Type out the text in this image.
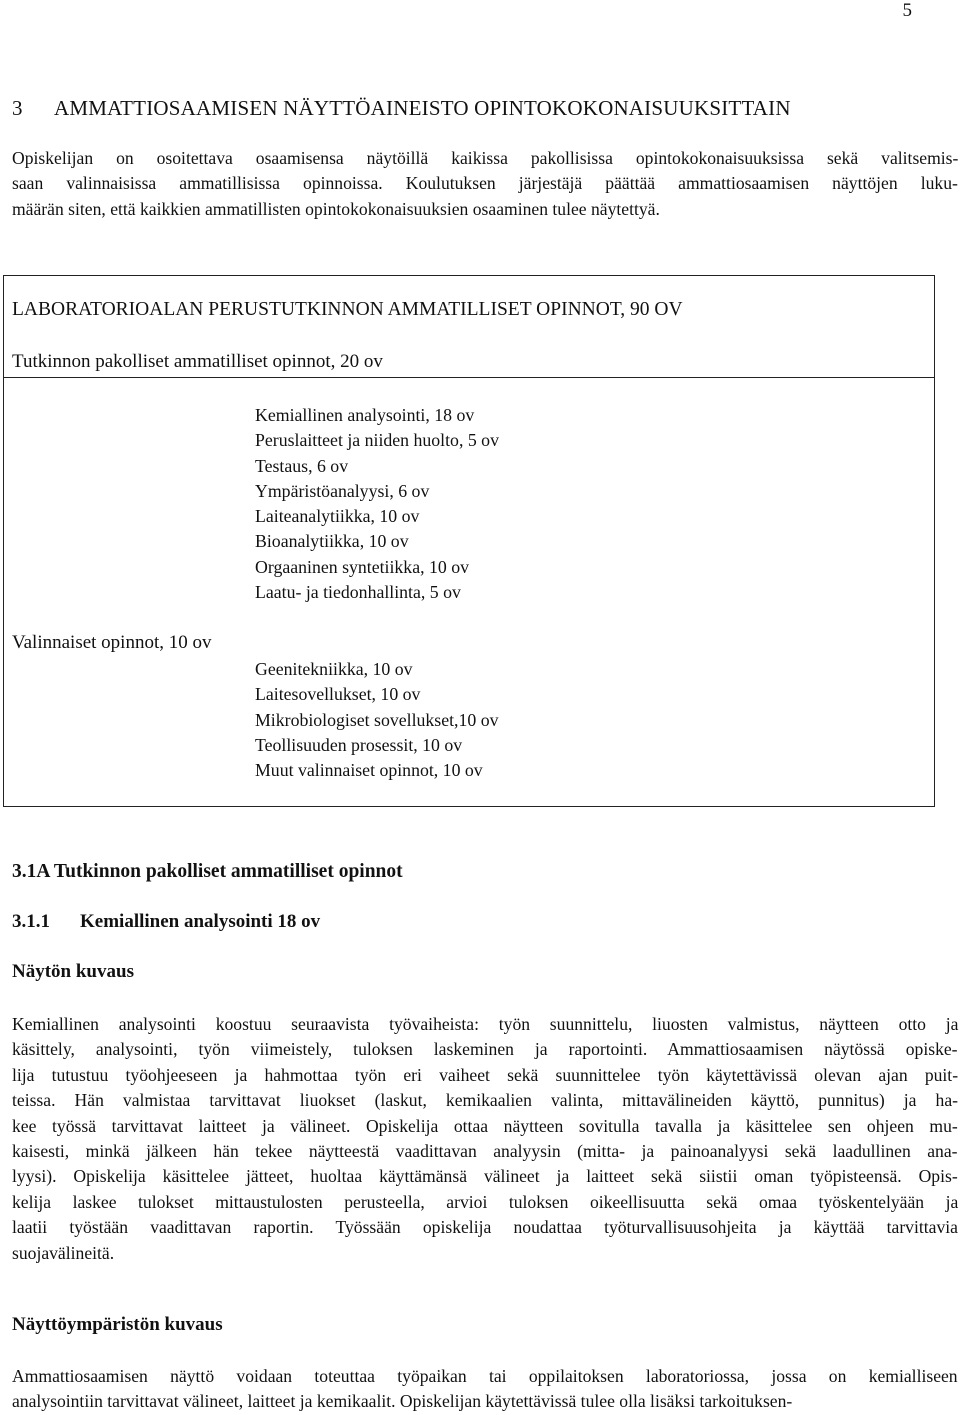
5
3 AMMATTIOSAAMISEN NÄYTTÖAINEISTO OPINTOKOKONAISUUKSITTAIN
Opiskelijan on osoitettava osaamisensa näytöillä kaikissa pakollisissa opintokokonaisuuksissa sekä valitsemis-
saan valinnaisissa ammatillisissa opinnoissa. Koulutuksen järjestäjä päättää ammattiosaamisen näyttöjen luku-
määrän siten, että kaikkien ammatillisten opintokokonaisuuksien osaaminen tulee näytettyä.
LABORATORIOALAN PERUSTUTKINNON AMMATILLISET OPINNOT, 90 OV
Tutkinnon pakolliset ammatilliset opinnot, 20 ov
Kemiallinen analysointi, 18 ov
Peruslaitteet ja niiden huolto, 5 ov
Testaus, 6 ov
Ympäristöanalyysi, 6 ov
Laiteanalytiikka, 10 ov
Bioanalytiikka, 10 ov
Orgaaninen syntetiikka, 10 ov
Laatu- ja tiedonhallinta, 5 ov
Valinnaiset opinnot, 10 ov
Geenitekniikka, 10 ov
Laitesovellukset, 10 ov
Mikrobiologiset sovellukset,10 ov
Teollisuuden prosessit, 10 ov
Muut valinnaiset opinnot, 10 ov
3.1A Tutkinnon pakolliset ammatilliset opinnot
3.1.1 Kemiallinen analysointi 18 ov
Näytön kuvaus
Kemiallinen analysointi koostuu seuraavista työvaiheista: työn suunnittelu, liuosten valmistus, näytteen otto ja
käsittely, analysointi, työn viimeistely, tuloksen laskeminen ja raportointi. Ammattiosaamisen näytössä opiske-
lija tutustuu työohjeeseen ja hahmottaa työn eri vaiheet sekä suunnittelee työn käytettävissä olevan ajan puit-
teissa. Hän valmistaa tarvittavat liuokset (laskut, kemikaalien valinta, mittavälineiden käyttö, punnitus) ja ha-
kee työssä tarvittavat laitteet ja välineet. Opiskelija ottaa näytteen sovitulla tavalla ja käsittelee sen ohjeen mu-
kaisesti, minkä jälkeen hän tekee näytteestä vaadittavan analyysin (mitta- ja painoanalyysi sekä laadullinen ana-
lyysi). Opiskelija käsittelee jätteet, huoltaa käyttämänsä välineet ja laitteet sekä siistii oman työpisteensä. Opis-
kelija laskee tulokset mittaustulosten perusteella, arvioi tuloksen oikeellisuutta sekä omaa työskentelyään ja
laatii työstään vaadittavan raportin. Työssään opiskelija noudattaa työturvallisuusohjeita ja käyttää tarvittavia
suojavälineitä.
Näyttöympäristön kuvaus
Ammattiosaamisen näyttö voidaan toteuttaa työpaikan tai oppilaitoksen laboratoriossa, jossa on kemialliseen
analysointiin tarvittavat välineet, laitteet ja kemikaalit. Opiskelijan käytettävissä tulee olla lisäksi tarkoituksen-
